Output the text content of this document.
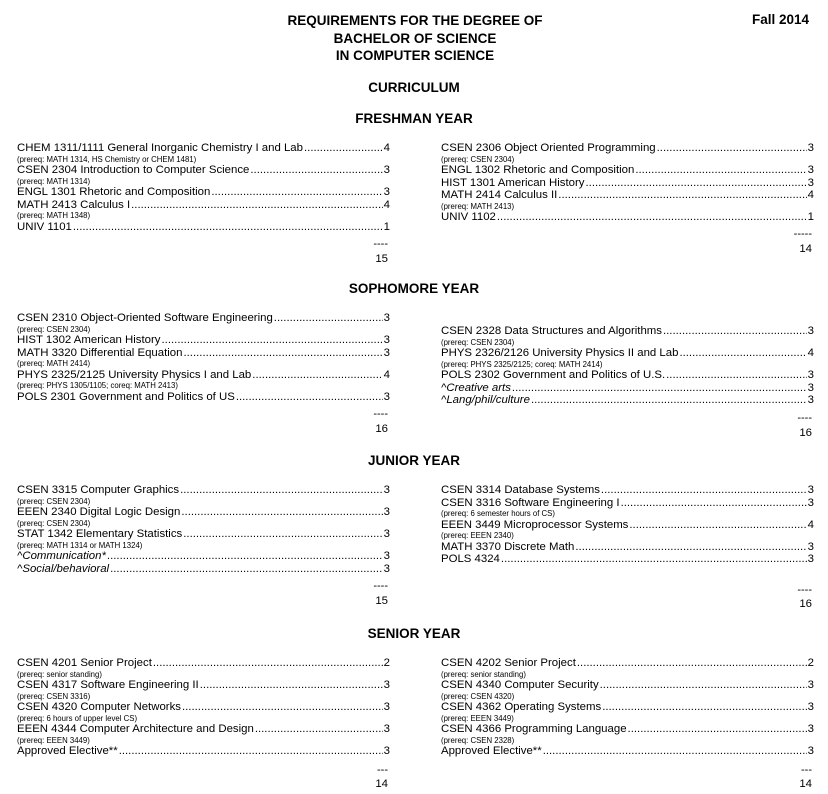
REQUIREMENTS FOR THE DEGREE OF
BACHELOR OF SCIENCE
IN COMPUTER SCIENCE
Fall 2014
CURRICULUM
FRESHMAN YEAR
SOPHOMORE YEAR
JUNIOR YEAR
SENIOR YEAR
CHEM 1311/1111 General Inorganic Chemistry I and Lab .....	4
(prereq: MATH 1314, HS Chemistry or CHEM 1481)
CSEN 2304 Introduction to Computer Science .....	3
(prereq: MATH 1314)
ENGL 1301 Rhetoric and Composition .....	3
MATH 2413 Calculus I .....	4
(prereq: MATH 1348)
UNIV 1101 .....	1
CSEN 2306 Object Oriented Programming .....	3
(prereq: CSEN 2304)
ENGL 1302 Rhetoric and Composition .....	3
HIST 1301 American History .....	3
MATH 2414 Calculus II .....	4
(prereq: MATH 2413)
UNIV 1102 .....	1
CSEN 2310 Object-Oriented Software Engineering .....	3
(prereq: CSEN 2304)
HIST 1302 American History .....	3
MATH 3320 Differential Equation .....	3
(prereq: MATH 2414)
PHYS 2325/2125 University Physics I and Lab .....	4
(prereq: PHYS 1305/1105; coreq: MATH 2413)
POLS 2301 Government and Politics of US .....	3
CSEN 2328 Data Structures and Algorithms .....	3
(prereq: CSEN 2304)
PHYS 2326/2126 University Physics II and Lab .....	4
(prereq: PHYS 2325/2125; coreq: MATH 2414)
POLS 2302 Government and Politics of U.S. .....	3
^Creative arts .....	3
^Lang/phil/culture .....	3
CSEN 3315 Computer Graphics .....	3
(prereq: CSEN 2304)
EEEN 2340 Digital Logic Design .....	3
(prereq: CSEN 2304)
STAT 1342 Elementary Statistics .....	3
(prereq: MATH 1314 or MATH 1324)
^Communication* .....	3
^Social/behavioral .....	3
CSEN 3314 Database Systems .....	3
CSEN 3316 Software Engineering I .....	3
(prereq: 6 semester hours of CS)
EEEN 3449 Microprocessor Systems .....	4
(prereq: EEEN 2340)
MATH 3370 Discrete Math .....	3
POLS 4324 .....	3
CSEN 4201 Senior Project .....	2
(prereq: senior standing)
CSEN 4317 Software Engineering II .....	3
(prereq: CSEN 3316)
CSEN 4320 Computer Networks .....	3
(prereq: 6 hours of upper level CS)
EEEN 4344 Computer Architecture and Design .....	3
(prereq: EEEN 3449)
Approved Elective** .....	3
CSEN 4202 Senior Project .....	2
(prereq: senior standing)
CSEN 4340 Computer Security .....	3
(prereq: CSEN 4320)
CSEN 4362 Operating Systems .....	3
(prereq: EEEN 3449)
CSEN 4366 Programming Language .....	3
(prereq: CSEN 2328)
Approved Elective** .....	3
----
15
-----
14
----
16
----
16
----
15
----
16
---
14
---
14
